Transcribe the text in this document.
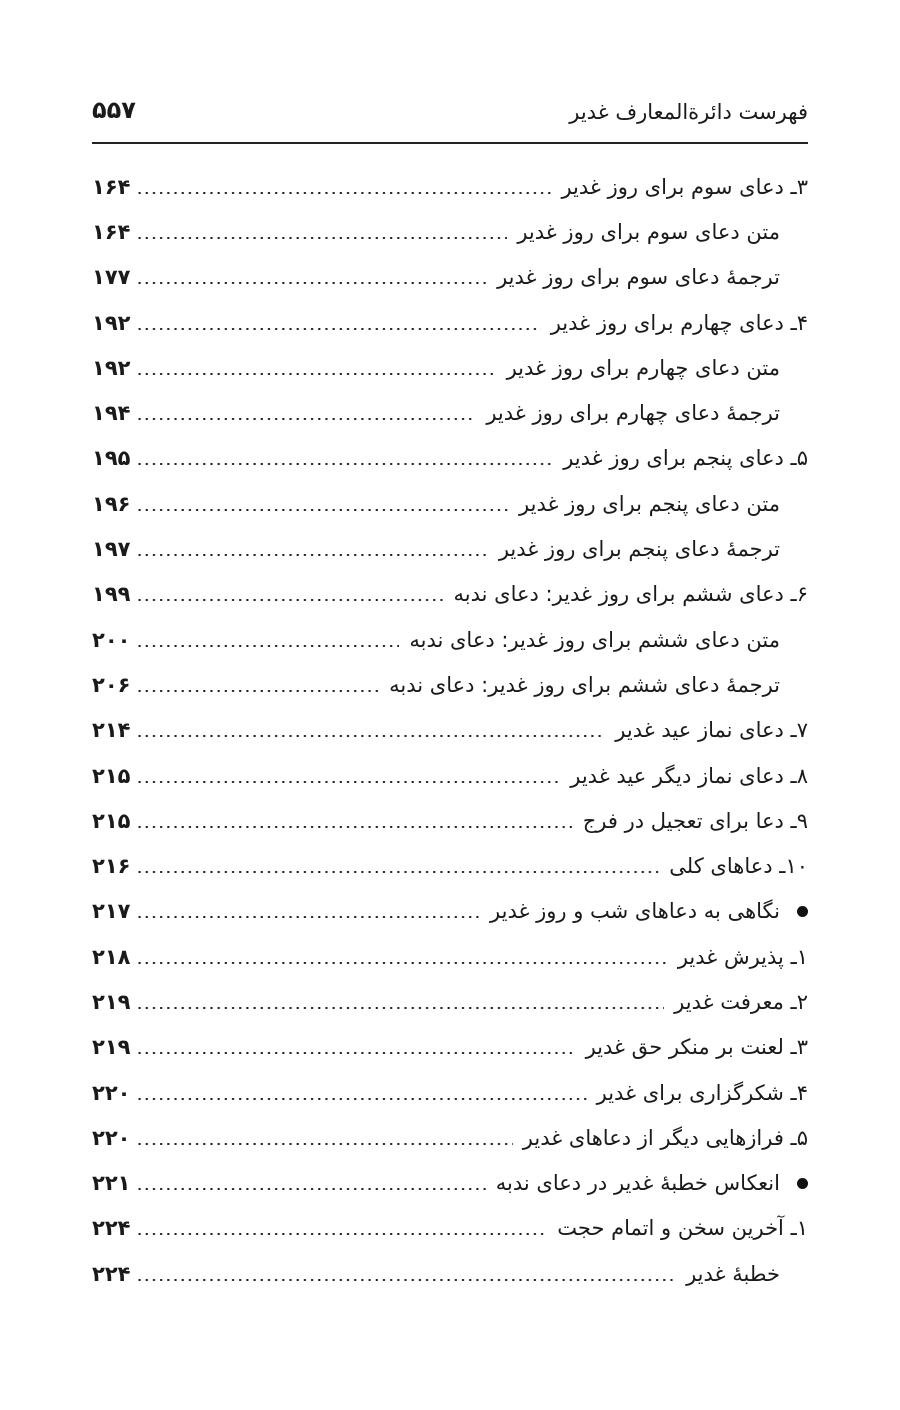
فهرست دائرةالمعارف غدیر
۵۵۷
۳ـ دعای سوم برای روز غدیر
۱۶۴
متن دعای سوم برای روز غدیر
۱۶۴
ترجمهٔ دعای سوم برای روز غدیر
۱۷۷
۴ـ دعای چهارم برای روز غدیر
۱۹۲
متن دعای چهارم برای روز غدیر
۱۹۲
ترجمهٔ دعای چهارم برای روز غدیر
۱۹۴
۵ـ دعای پنجم برای روز غدیر
۱۹۵
متن دعای پنجم برای روز غدیر
۱۹۶
ترجمهٔ دعای پنجم برای روز غدیر
۱۹۷
۶ـ دعای ششم برای روز غدیر: دعای ندبه
۱۹۹
متن دعای ششم برای روز غدیر: دعای ندبه
۲۰۰
ترجمهٔ دعای ششم برای روز غدیر: دعای ندبه
۲۰۶
۷ـ دعای نماز عید غدیر
۲۱۴
۸ـ دعای نماز دیگر عید غدیر
۲۱۵
۹ـ دعا برای تعجیل در فرج
۲۱۵
۱۰ـ دعاهای کلی
۲۱۶
نگاهی به دعاهای شب و روز غدیر
۲۱۷
۱ـ پذیرش غدیر
۲۱۸
۲ـ معرفت غدیر
۲۱۹
۳ـ لعنت بر منکر حق غدیر
۲۱۹
۴ـ شکرگزاری برای غدیر
۲۲۰
۵ـ فرازهایی دیگر از دعاهای غدیر
۲۲۰
انعکاس خطبهٔ غدیر در دعای ندبه
۲۲۱
۱ـ آخرین سخن و اتمام حجت
۲۲۴
خطبهٔ غدیر
۲۲۴
